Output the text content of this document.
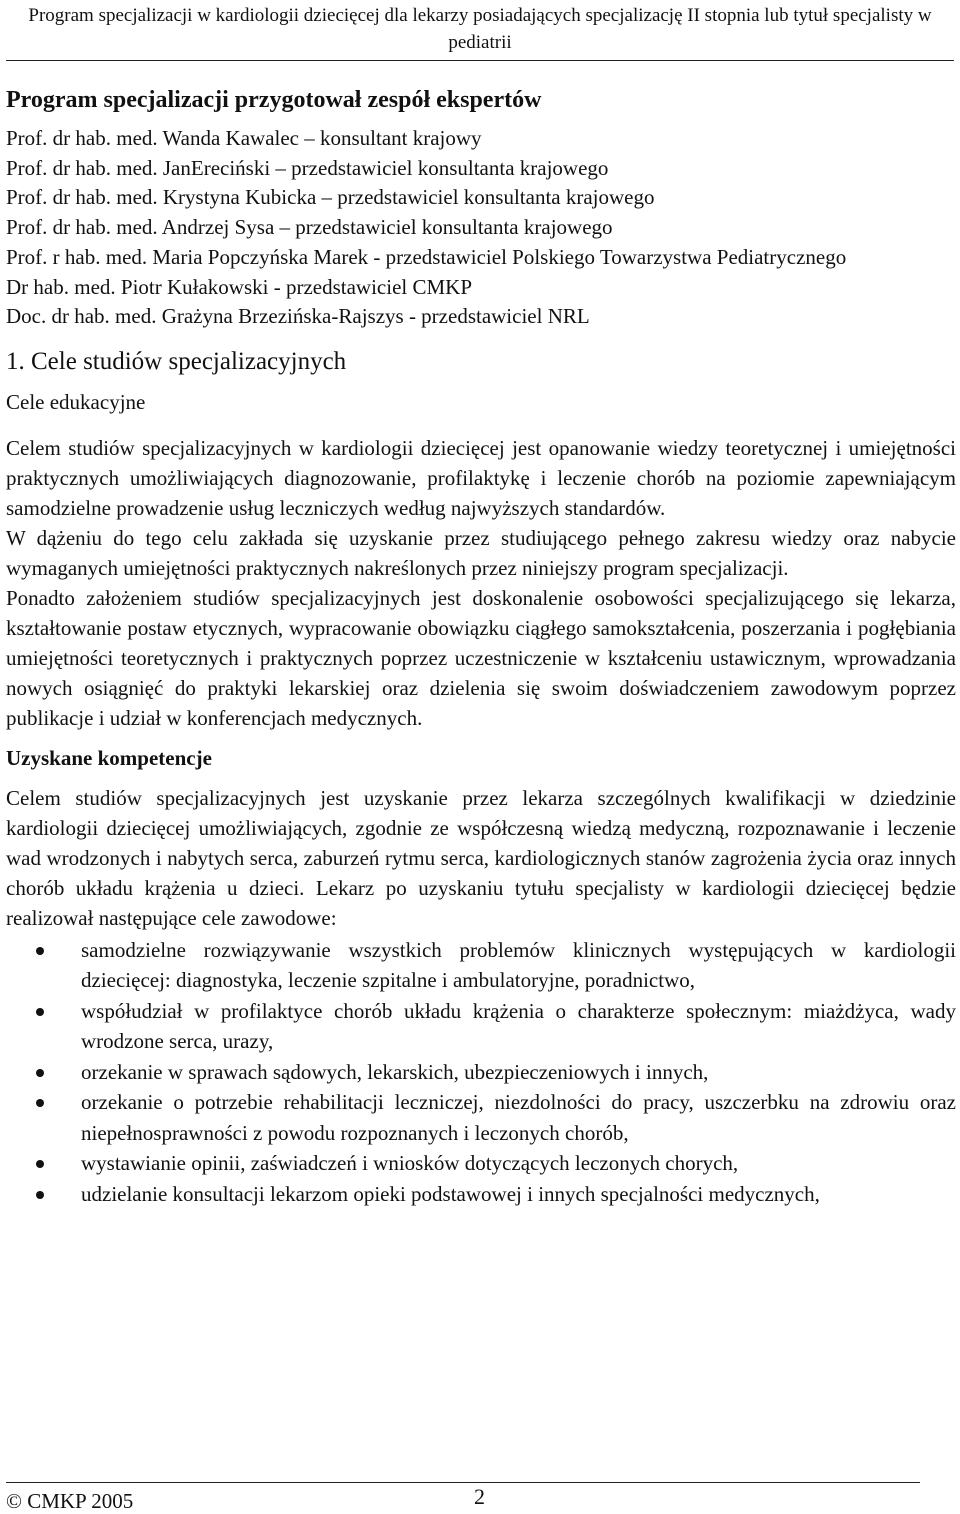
Program specjalizacji w kardiologii dziecięcej dla lekarzy posiadających specjalizację II stopnia lub tytuł specjalisty w pediatrii
Program specjalizacji przygotował zespół ekspertów
Prof. dr hab. med. Wanda Kawalec – konsultant krajowy
Prof. dr hab. med. JanEreciński – przedstawiciel konsultanta krajowego
Prof. dr hab. med. Krystyna Kubicka – przedstawiciel konsultanta krajowego
Prof. dr hab. med. Andrzej Sysa – przedstawiciel konsultanta krajowego
Prof. r hab. med. Maria Popczyńska Marek - przedstawiciel Polskiego Towarzystwa Pediatrycznego
Dr hab. med. Piotr Kułakowski - przedstawiciel CMKP
Doc. dr hab. med. Grażyna Brzezińska-Rajszys - przedstawiciel NRL
1. Cele studiów specjalizacyjnych
Cele edukacyjne

Celem studiów specjalizacyjnych w kardiologii dziecięcej jest opanowanie wiedzy teoretycznej i umiejętności praktycznych umożliwiających diagnozowanie, profilaktykę i leczenie chorób na poziomie zapewniającym samodzielne prowadzenie usług leczniczych według najwyższych standardów.

W dążeniu do tego celu zakłada się uzyskanie przez studiującego pełnego zakresu wiedzy oraz nabycie wymaganych umiejętności praktycznych nakreślonych przez niniejszy program specjalizacji.

Ponadto założeniem studiów specjalizacyjnych jest doskonalenie osobowości specjalizującego się lekarza, kształtowanie postaw etycznych, wypracowanie obowiązku ciągłego samokształcenia, poszerzania i pogłębiania umiejętności teoretycznych i praktycznych poprzez uczestniczenie w kształceniu ustawicznym, wprowadzania nowych osiągnięć do praktyki lekarskiej oraz dzielenia się swoim doświadczeniem zawodowym poprzez publikacje i udział w konferencjach medycznych.

Uzyskane kompetencje

Celem studiów specjalizacyjnych jest uzyskanie przez lekarza szczególnych kwalifikacji w dziedzinie kardiologii dziecięcej umożliwiających, zgodnie ze współczesną wiedzą medyczną, rozpoznawanie i leczenie wad wrodzonych i nabytych serca, zaburzeń rytmu serca, kardiologicznych stanów zagrożenia życia oraz innych chorób układu krążenia u dzieci. Lekarz po uzyskaniu tytułu specjalisty w kardiologii dziecięcej będzie realizował następujące cele zawodowe:

samodzielne rozwiązywanie wszystkich problemów klinicznych występujących w kardiologii dziecięcej: diagnostyka, leczenie szpitalne i ambulatoryjne, poradnictwo,
współudział w profilaktyce chorób układu krążenia o charakterze społecznym: miażdżyca, wady wrodzone serca, urazy,
orzekanie w sprawach sądowych, lekarskich, ubezpieczeniowych i innych,
orzekanie o potrzebie rehabilitacji leczniczej, niezdolności do pracy, uszczerbku na zdrowiu oraz niepełnosprawności z powodu rozpoznanych i leczonych chorób,
wystawianie opinii, zaświadczeń i wniosków dotyczących leczonych chorych,
udzielanie konsultacji lekarzom opieki podstawowej i innych specjalności medycznych,
© CMKP 2005	2
